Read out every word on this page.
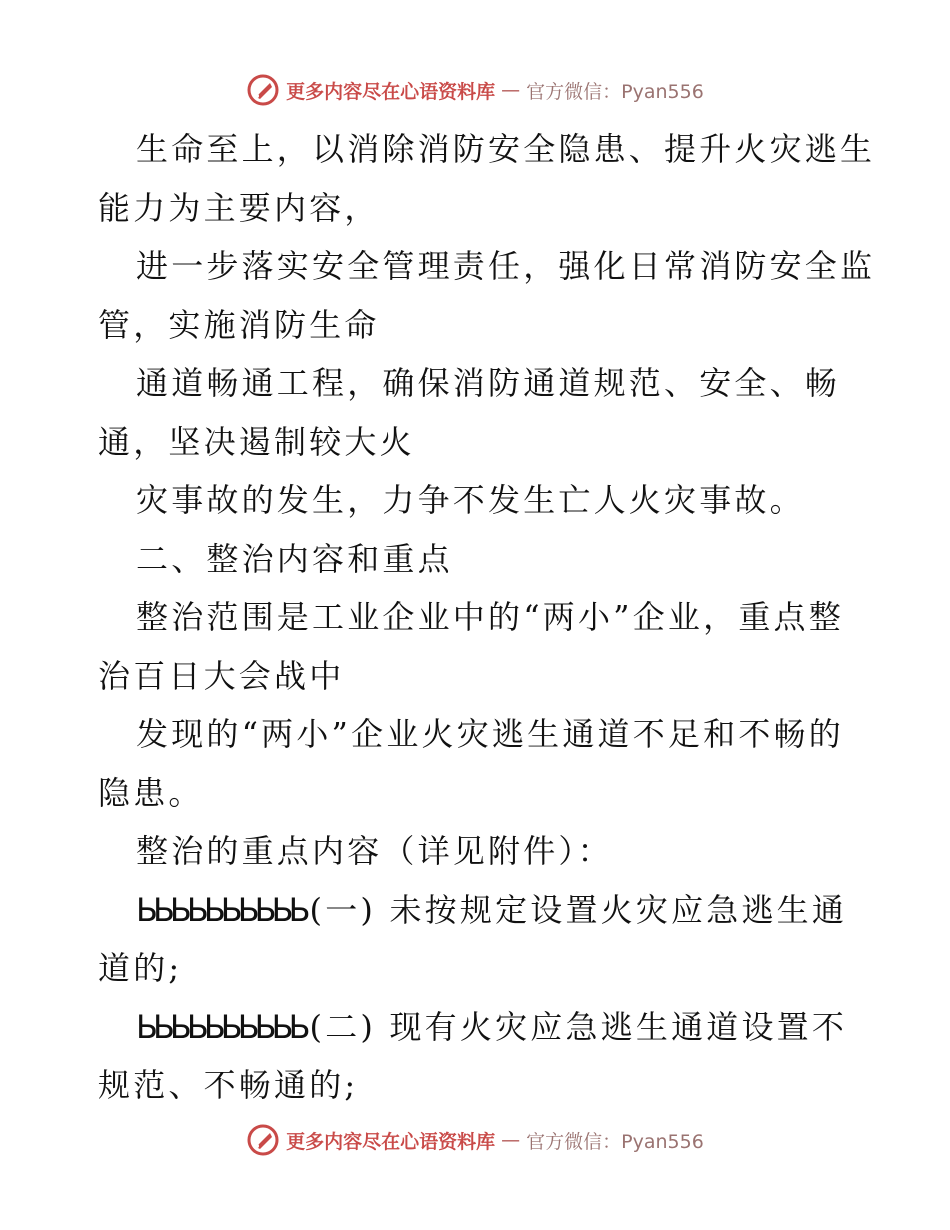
更多内容尽在心语资料库 — 官方微信：Pyan556
生命至上，以消除消防安全隐患、提升火灾逃生
能力为主要内容，
进一步落实安全管理责任，强化日常消防安全监
管，实施消防生命
通道畅通工程，确保消防通道规范、安全、畅
通，坚决遏制较大火
灾事故的发生，力争不发生亡人火灾事故。
二、整治内容和重点
整治范围是工业企业中的“两小”企业，重点整
治百日大会战中
发现的“两小”企业火灾逃生通道不足和不畅的
隐患。
整治的重点内容（详见附件）：
ЬЬЬЬЬЬЬЬЬЬ (一) 未按规定设置火灾应急逃生通
道的;
ЬЬЬЬЬЬЬЬЬЬ (二) 现有火灾应急逃生通道设置不
规范、不畅通的;
更多内容尽在心语资料库 — 官方微信：Pyan556
